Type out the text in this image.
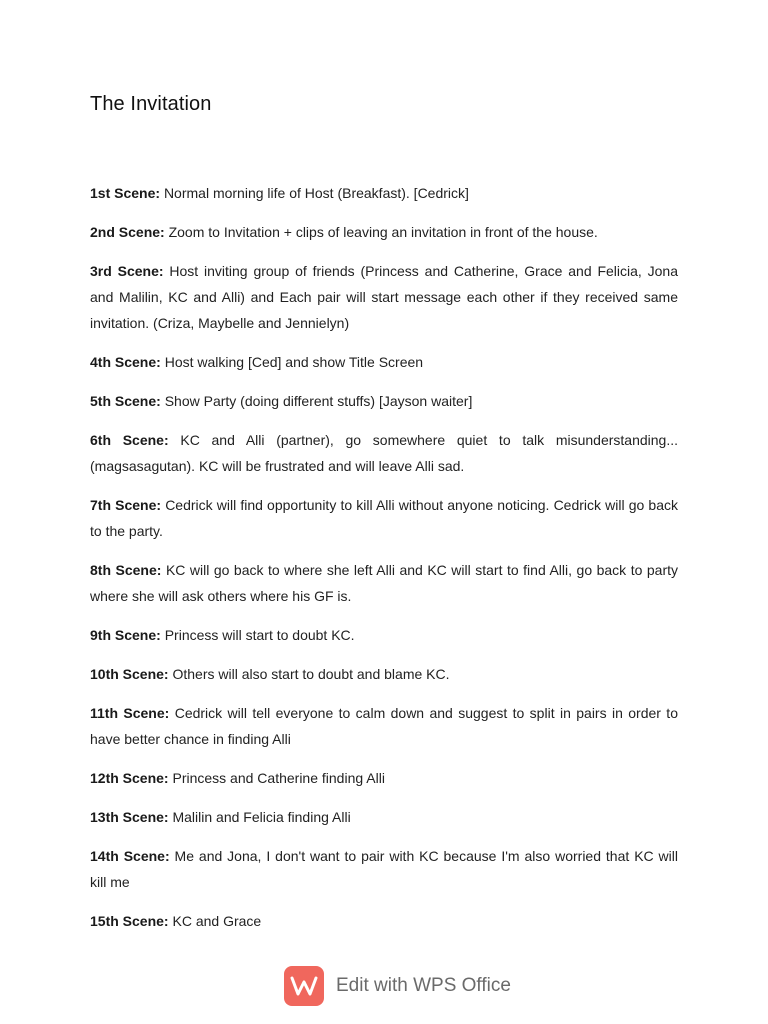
The Invitation
1st Scene: Normal morning life of Host (Breakfast). [Cedrick]
2nd Scene: Zoom to Invitation + clips of leaving an invitation in front of the house.
3rd Scene: Host inviting group of friends (Princess and Catherine, Grace and Felicia, Jona and Malilin, KC and Alli) and Each pair will start message each other if they received same invitation. (Criza, Maybelle and Jennielyn)
4th Scene: Host walking [Ced] and show Title Screen
5th Scene: Show Party (doing different stuffs) [Jayson waiter]
6th Scene: KC and Alli (partner), go somewhere quiet to talk misunderstanding... (magsasagutan). KC will be frustrated and will leave Alli sad.
7th Scene: Cedrick will find opportunity to kill Alli without anyone noticing. Cedrick will go back to the party.
8th Scene: KC will go back to where she left Alli and KC will start to find Alli, go back to party where she will ask others where his GF is.
9th Scene: Princess will start to doubt KC.
10th Scene: Others will also start to doubt and blame KC.
11th Scene: Cedrick will tell everyone to calm down and suggest to split in pairs in order to have better chance in finding Alli
12th Scene: Princess and Catherine finding Alli
13th Scene: Malilin and Felicia finding Alli
14th Scene: Me and Jona, I don't want to pair with KC because I'm also worried that KC will kill me
15th Scene: KC and Grace
Edit with WPS Office
